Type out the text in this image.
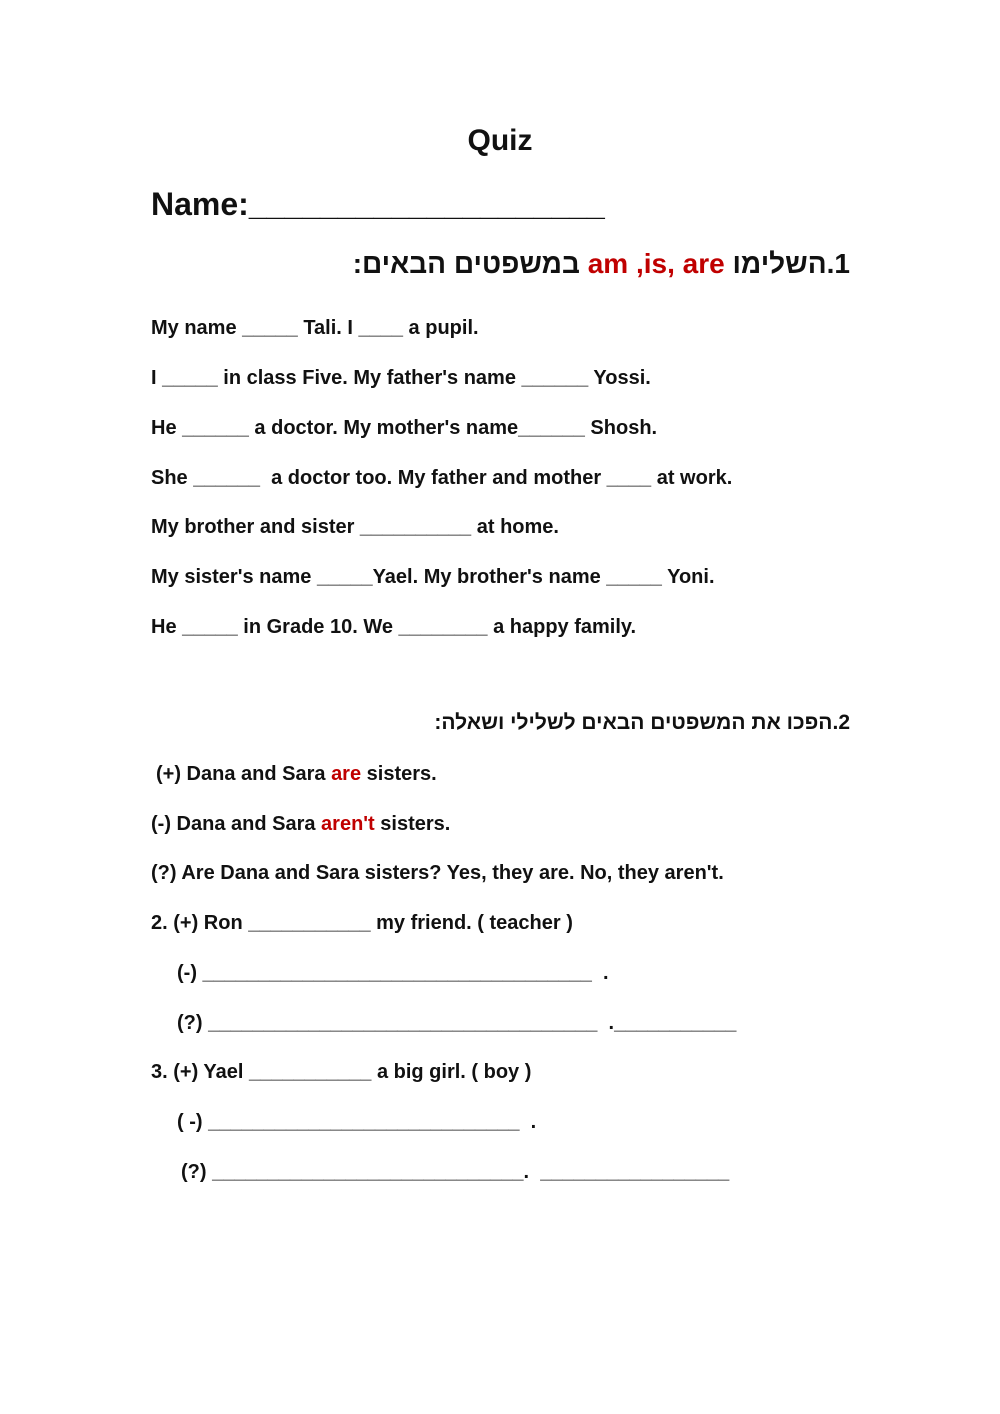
Quiz
Name:____________________
1.השלימו am ,is, are במשפטים הבאים:
My name _____ Tali. I ____ a pupil.
I _____ in class Five. My father's name ______ Yossi.
He ______ a doctor. My mother's name______ Shosh.
She ______  a doctor too. My father and mother ____ at work.
My brother and sister __________ at home.
My sister's name _____Yael. My brother's name _____ Yoni.
He _____ in Grade 10. We ________ a happy family.
2.הפכו את המשפטים הבאים לשלילי ושאלה:
(+) Dana and Sara are sisters.
(-) Dana and Sara aren't sisters.
(?) Are Dana and Sara sisters? Yes, they are. No, they aren't.
2. (+) Ron ___________ my friend. ( teacher )
(-) ___________________________________  .
(?) ___________________________________  .___________
3. (+) Yael ___________ a big girl. ( boy )
( -) ____________________________  .
(?) ____________________________.  _________________
